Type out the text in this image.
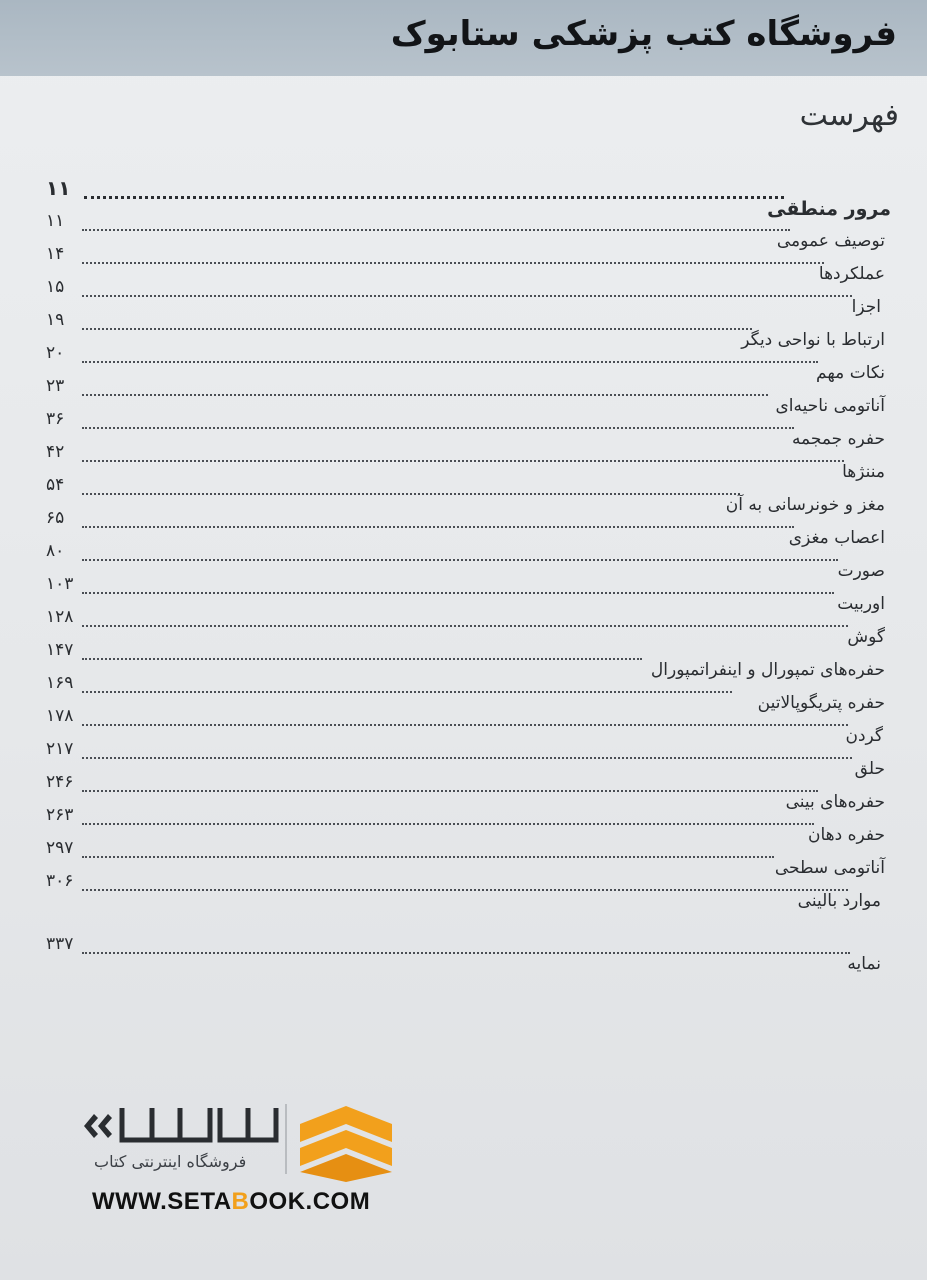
فروشگاه کتب پزشکی ستابوک
فهرست
۱۱
مرور منطقی
۱۱
توصیف عمومی
۱۴
عملکردها
۱۵
اجزا
۱۹
ارتباط با نواحی دیگر
۲۰
نکات مهم
۲۳
آناتومی ناحیه‌ای
۳۶
حفره جمجمه
۴۲
مننژها
۵۴
مغز و خونرسانی به آن
۶۵
اعصاب مغزی
۸۰
صورت
۱۰۳
اوربیت
۱۲۸
گوش
۱۴۷
حفره‌های تمپورال و اینفراتمپورال
۱۶۹
حفره پتریگوپالاتین
۱۷۸
گردن
۲۱۷
حلق
۲۴۶
حفره‌های بینی
۲۶۳
حفره دهان
۲۹۷
آناتومی سطحی
۳۰۶
موارد بالینی
۳۳۷
نمایه
ستابوک
فروشگاه اینترنتی کتاب
WWW.SETABOOK.COM
